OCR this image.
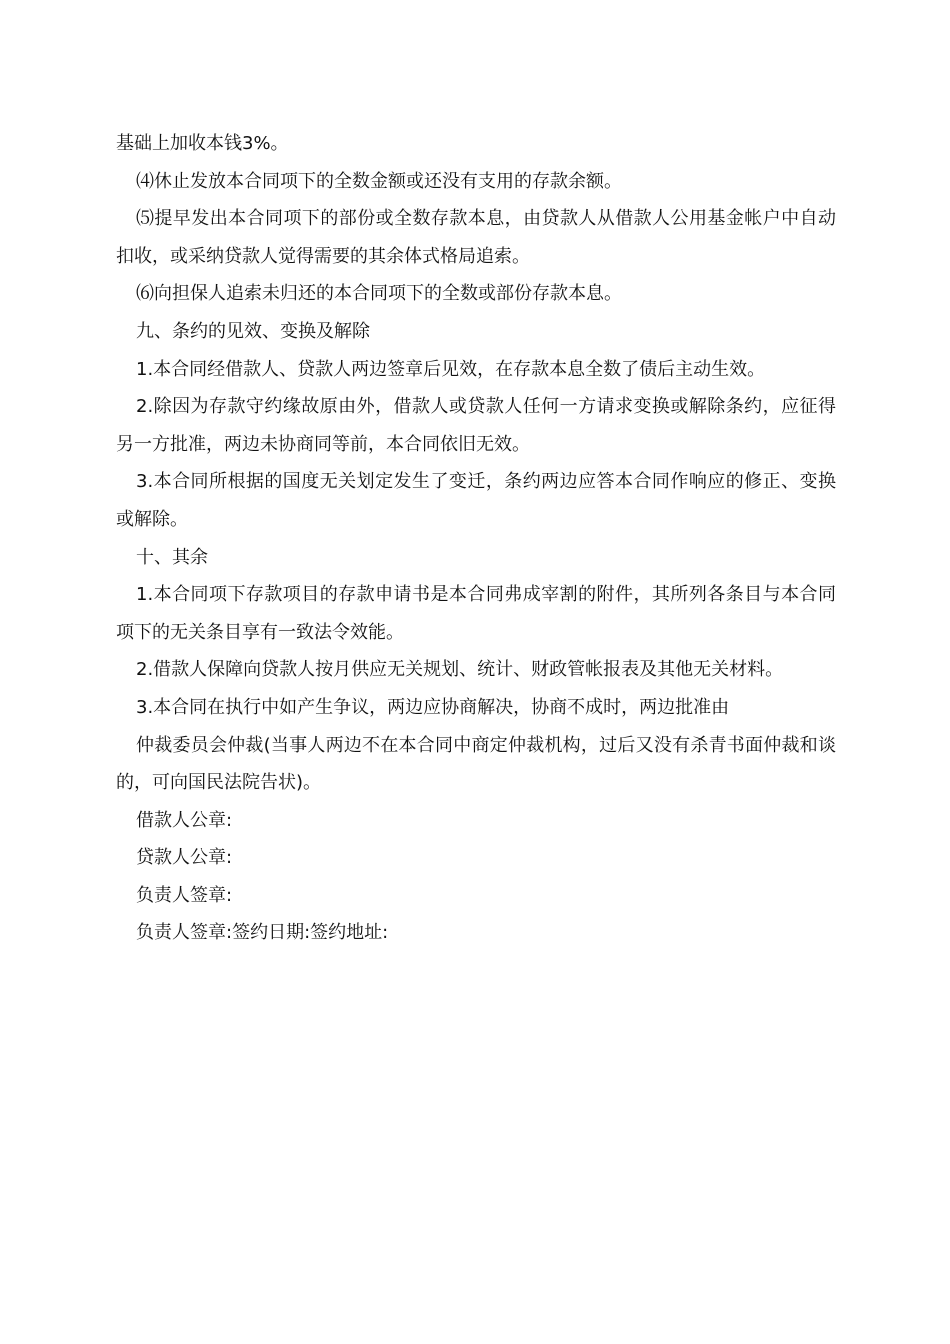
基础上加收本钱3%。

⑷休止发放本合同项下的全数金额或还没有支用的存款余额。

⑸提早发出本合同项下的部份或全数存款本息，由贷款人从借款人公用基金帐户中自动扣收，或采纳贷款人觉得需要的其余体式格局追索。

⑹向担保人追索未归还的本合同项下的全数或部份存款本息。

九、条约的见效、变换及解除

1.本合同经借款人、贷款人两边签章后见效，在存款本息全数了债后主动生效。

2.除因为存款守约缘故原由外，借款人或贷款人任何一方请求变换或解除条约，应征得另一方批准，两边未协商同等前，本合同依旧无效。

3.本合同所根据的国度无关划定发生了变迁，条约两边应答本合同作响应的修正、变换或解除。

十、其余

1.本合同项下存款项目的存款申请书是本合同弗成宰割的附件，其所列各条目与本合同项下的无关条目享有一致法令效能。

2.借款人保障向贷款人按月供应无关规划、统计、财政管帐报表及其他无关材料。

3.本合同在执行中如产生争议，两边应协商解决，协商不成时，两边批准由

仲裁委员会仲裁(当事人两边不在本合同中商定仲裁机构，过后又没有杀青书面仲裁和谈的，可向国民法院告状)。

借款人公章:

贷款人公章:

负责人签章:

负责人签章:签约日期:签约地址:
